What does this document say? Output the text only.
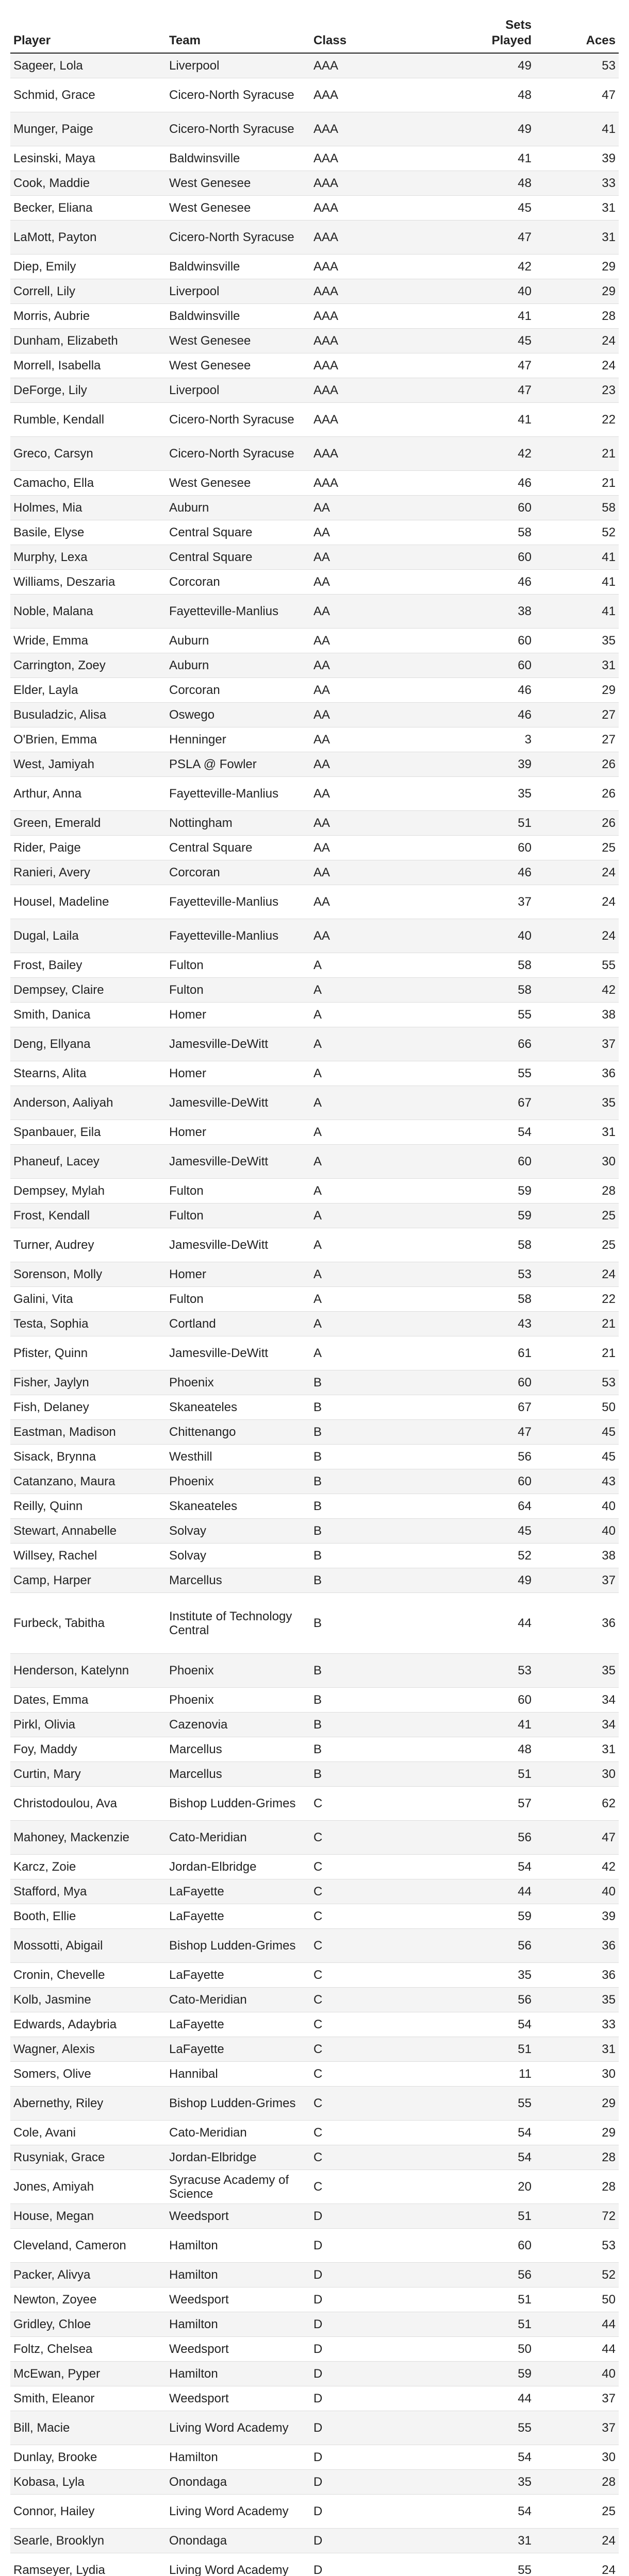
Player	Team	Class	Sets Played	Aces
Sageer, Lola	Liverpool	AAA	49	53
Schmid, Grace	Cicero-North Syracuse	AAA	48	47
Munger, Paige	Cicero-North Syracuse	AAA	49	41
Lesinski, Maya	Baldwinsville	AAA	41	39
Cook, Maddie	West Genesee	AAA	48	33
Becker, Eliana	West Genesee	AAA	45	31
LaMott, Payton	Cicero-North Syracuse	AAA	47	31
Diep, Emily	Baldwinsville	AAA	42	29
Correll, Lily	Liverpool	AAA	40	29
Morris, Aubrie	Baldwinsville	AAA	41	28
Dunham, Elizabeth	West Genesee	AAA	45	24
Morrell, Isabella	West Genesee	AAA	47	24
DeForge, Lily	Liverpool	AAA	47	23
Rumble, Kendall	Cicero-North Syracuse	AAA	41	22
Greco, Carsyn	Cicero-North Syracuse	AAA	42	21
Camacho, Ella	West Genesee	AAA	46	21
Holmes, Mia	Auburn	AA	60	58
Basile, Elyse	Central Square	AA	58	52
Murphy, Lexa	Central Square	AA	60	41
Williams, Deszaria	Corcoran	AA	46	41
Noble, Malana	Fayetteville-Manlius	AA	38	41
Wride, Emma	Auburn	AA	60	35
Carrington, Zoey	Auburn	AA	60	31
Elder, Layla	Corcoran	AA	46	29
Busuladzic, Alisa	Oswego	AA	46	27
O'Brien, Emma	Henninger	AA	3	27
West, Jamiyah	PSLA @ Fowler	AA	39	26
Arthur, Anna	Fayetteville-Manlius	AA	35	26
Green, Emerald	Nottingham	AA	51	26
Rider, Paige	Central Square	AA	60	25
Ranieri, Avery	Corcoran	AA	46	24
Housel, Madeline	Fayetteville-Manlius	AA	37	24
Dugal, Laila	Fayetteville-Manlius	AA	40	24
Frost, Bailey	Fulton	A	58	55
Dempsey, Claire	Fulton	A	58	42
Smith, Danica	Homer	A	55	38
Deng, Ellyana	Jamesville-DeWitt	A	66	37
Stearns, Alita	Homer	A	55	36
Anderson, Aaliyah	Jamesville-DeWitt	A	67	35
Spanbauer, Eila	Homer	A	54	31
Phaneuf, Lacey	Jamesville-DeWitt	A	60	30
Dempsey, Mylah	Fulton	A	59	28
Frost, Kendall	Fulton	A	59	25
Turner, Audrey	Jamesville-DeWitt	A	58	25
Sorenson, Molly	Homer	A	53	24
Galini, Vita	Fulton	A	58	22
Testa, Sophia	Cortland	A	43	21
Pfister, Quinn	Jamesville-DeWitt	A	61	21
Fisher, Jaylyn	Phoenix	B	60	53
Fish, Delaney	Skaneateles	B	67	50
Eastman, Madison	Chittenango	B	47	45
Sisack, Brynna	Westhill	B	56	45
Catanzano, Maura	Phoenix	B	60	43
Reilly, Quinn	Skaneateles	B	64	40
Stewart, Annabelle	Solvay	B	45	40
Willsey, Rachel	Solvay	B	52	38
Camp, Harper	Marcellus	B	49	37
Furbeck, Tabitha	Institute of Technology Central	B	44	36
Henderson, Katelynn	Phoenix	B	53	35
Dates, Emma	Phoenix	B	60	34
Pirkl, Olivia	Cazenovia	B	41	34
Foy, Maddy	Marcellus	B	48	31
Curtin, Mary	Marcellus	B	51	30
Christodoulou, Ava	Bishop Ludden-Grimes	C	57	62
Mahoney, Mackenzie	Cato-Meridian	C	56	47
Karcz, Zoie	Jordan-Elbridge	C	54	42
Stafford, Mya	LaFayette	C	44	40
Booth, Ellie	LaFayette	C	59	39
Mossotti, Abigail	Bishop Ludden-Grimes	C	56	36
Cronin, Chevelle	LaFayette	C	35	36
Kolb, Jasmine	Cato-Meridian	C	56	35
Edwards, Adaybria	LaFayette	C	54	33
Wagner, Alexis	LaFayette	C	51	31
Somers, Olive	Hannibal	C	11	30
Abernethy, Riley	Bishop Ludden-Grimes	C	55	29
Cole, Avani	Cato-Meridian	C	54	29
Rusyniak, Grace	Jordan-Elbridge	C	54	28
Jones, Amiyah	Syracuse Academy of Science	C	20	28
House, Megan	Weedsport	D	51	72
Cleveland, Cameron	Hamilton	D	60	53
Packer, Alivya	Hamilton	D	56	52
Newton, Zoyee	Weedsport	D	51	50
Gridley, Chloe	Hamilton	D	51	44
Foltz, Chelsea	Weedsport	D	50	44
McEwan, Pyper	Hamilton	D	59	40
Smith, Eleanor	Weedsport	D	44	37
Bill, Macie	Living Word Academy	D	55	37
Dunlay, Brooke	Hamilton	D	54	30
Kobasa, Lyla	Onondaga	D	35	28
Connor, Hailey	Living Word Academy	D	54	25
Searle, Brooklyn	Onondaga	D	31	24
Ramseyer, Lydia	Living Word Academy	D	55	24
